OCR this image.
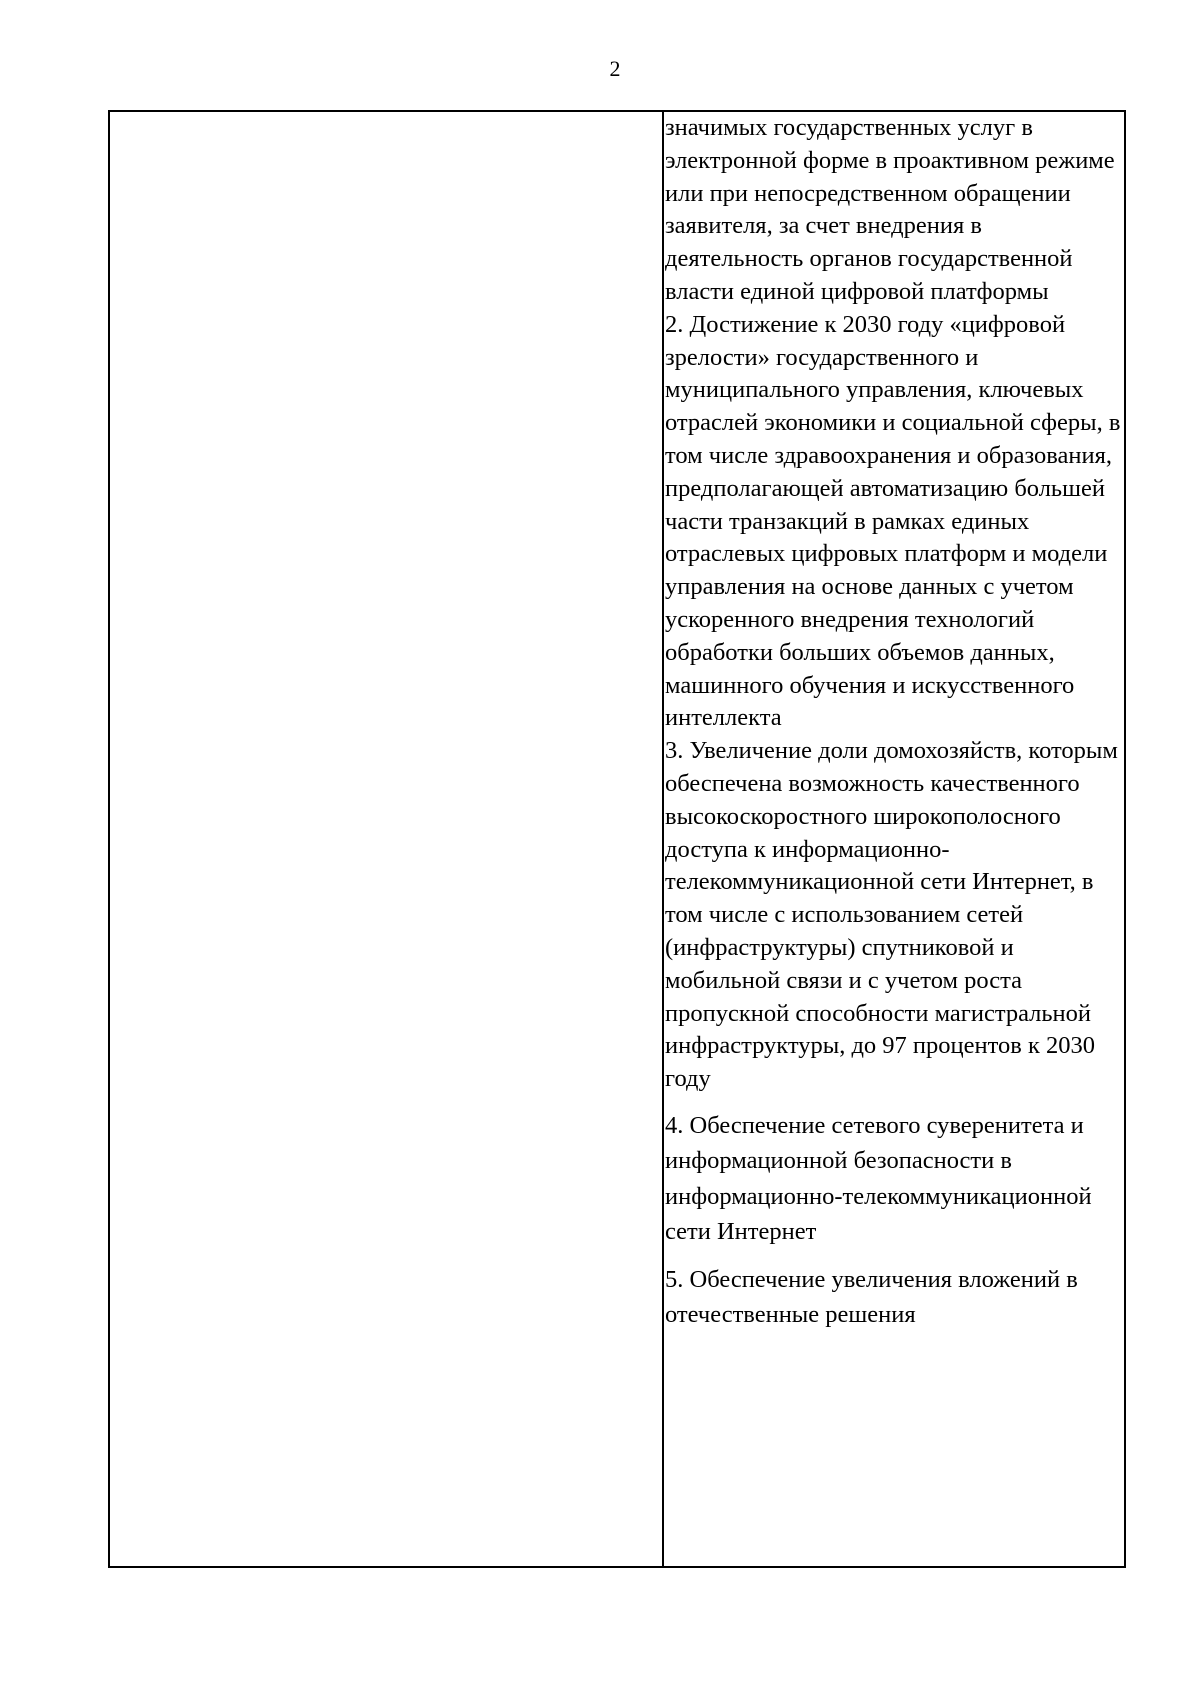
2

значимых государственных услуг в электронной форме в проактивном режиме или при непосредственном обращении заявителя, за счет внедрения в деятельность органов государственной власти единой цифровой платформы
2. Достижение к 2030 году «цифровой зрелости» государственного и муниципального управления, ключевых отраслей экономики и социальной сферы, в том числе здравоохранения и образования, предполагающей автоматизацию большей части транзакций в рамках единых отраслевых цифровых платформ и модели управления на основе данных с учетом ускоренного внедрения технологий обработки больших объемов данных, машинного обучения и искусственного интеллекта
3. Увеличение доли домохозяйств, которым обеспечена возможность качественного высокоскоростного широкополосного доступа к информационно-телекоммуникационной сети Интернет, в том числе с использованием сетей (инфраструктуры) спутниковой и мобильной связи и с учетом роста пропускной способности магистральной инфраструктуры, до 97 процентов к 2030 году
4. Обеспечение сетевого суверенитета и информационной безопасности в информационно-телекоммуникационной сети Интернет
5. Обеспечение увеличения вложений в отечественные решения
